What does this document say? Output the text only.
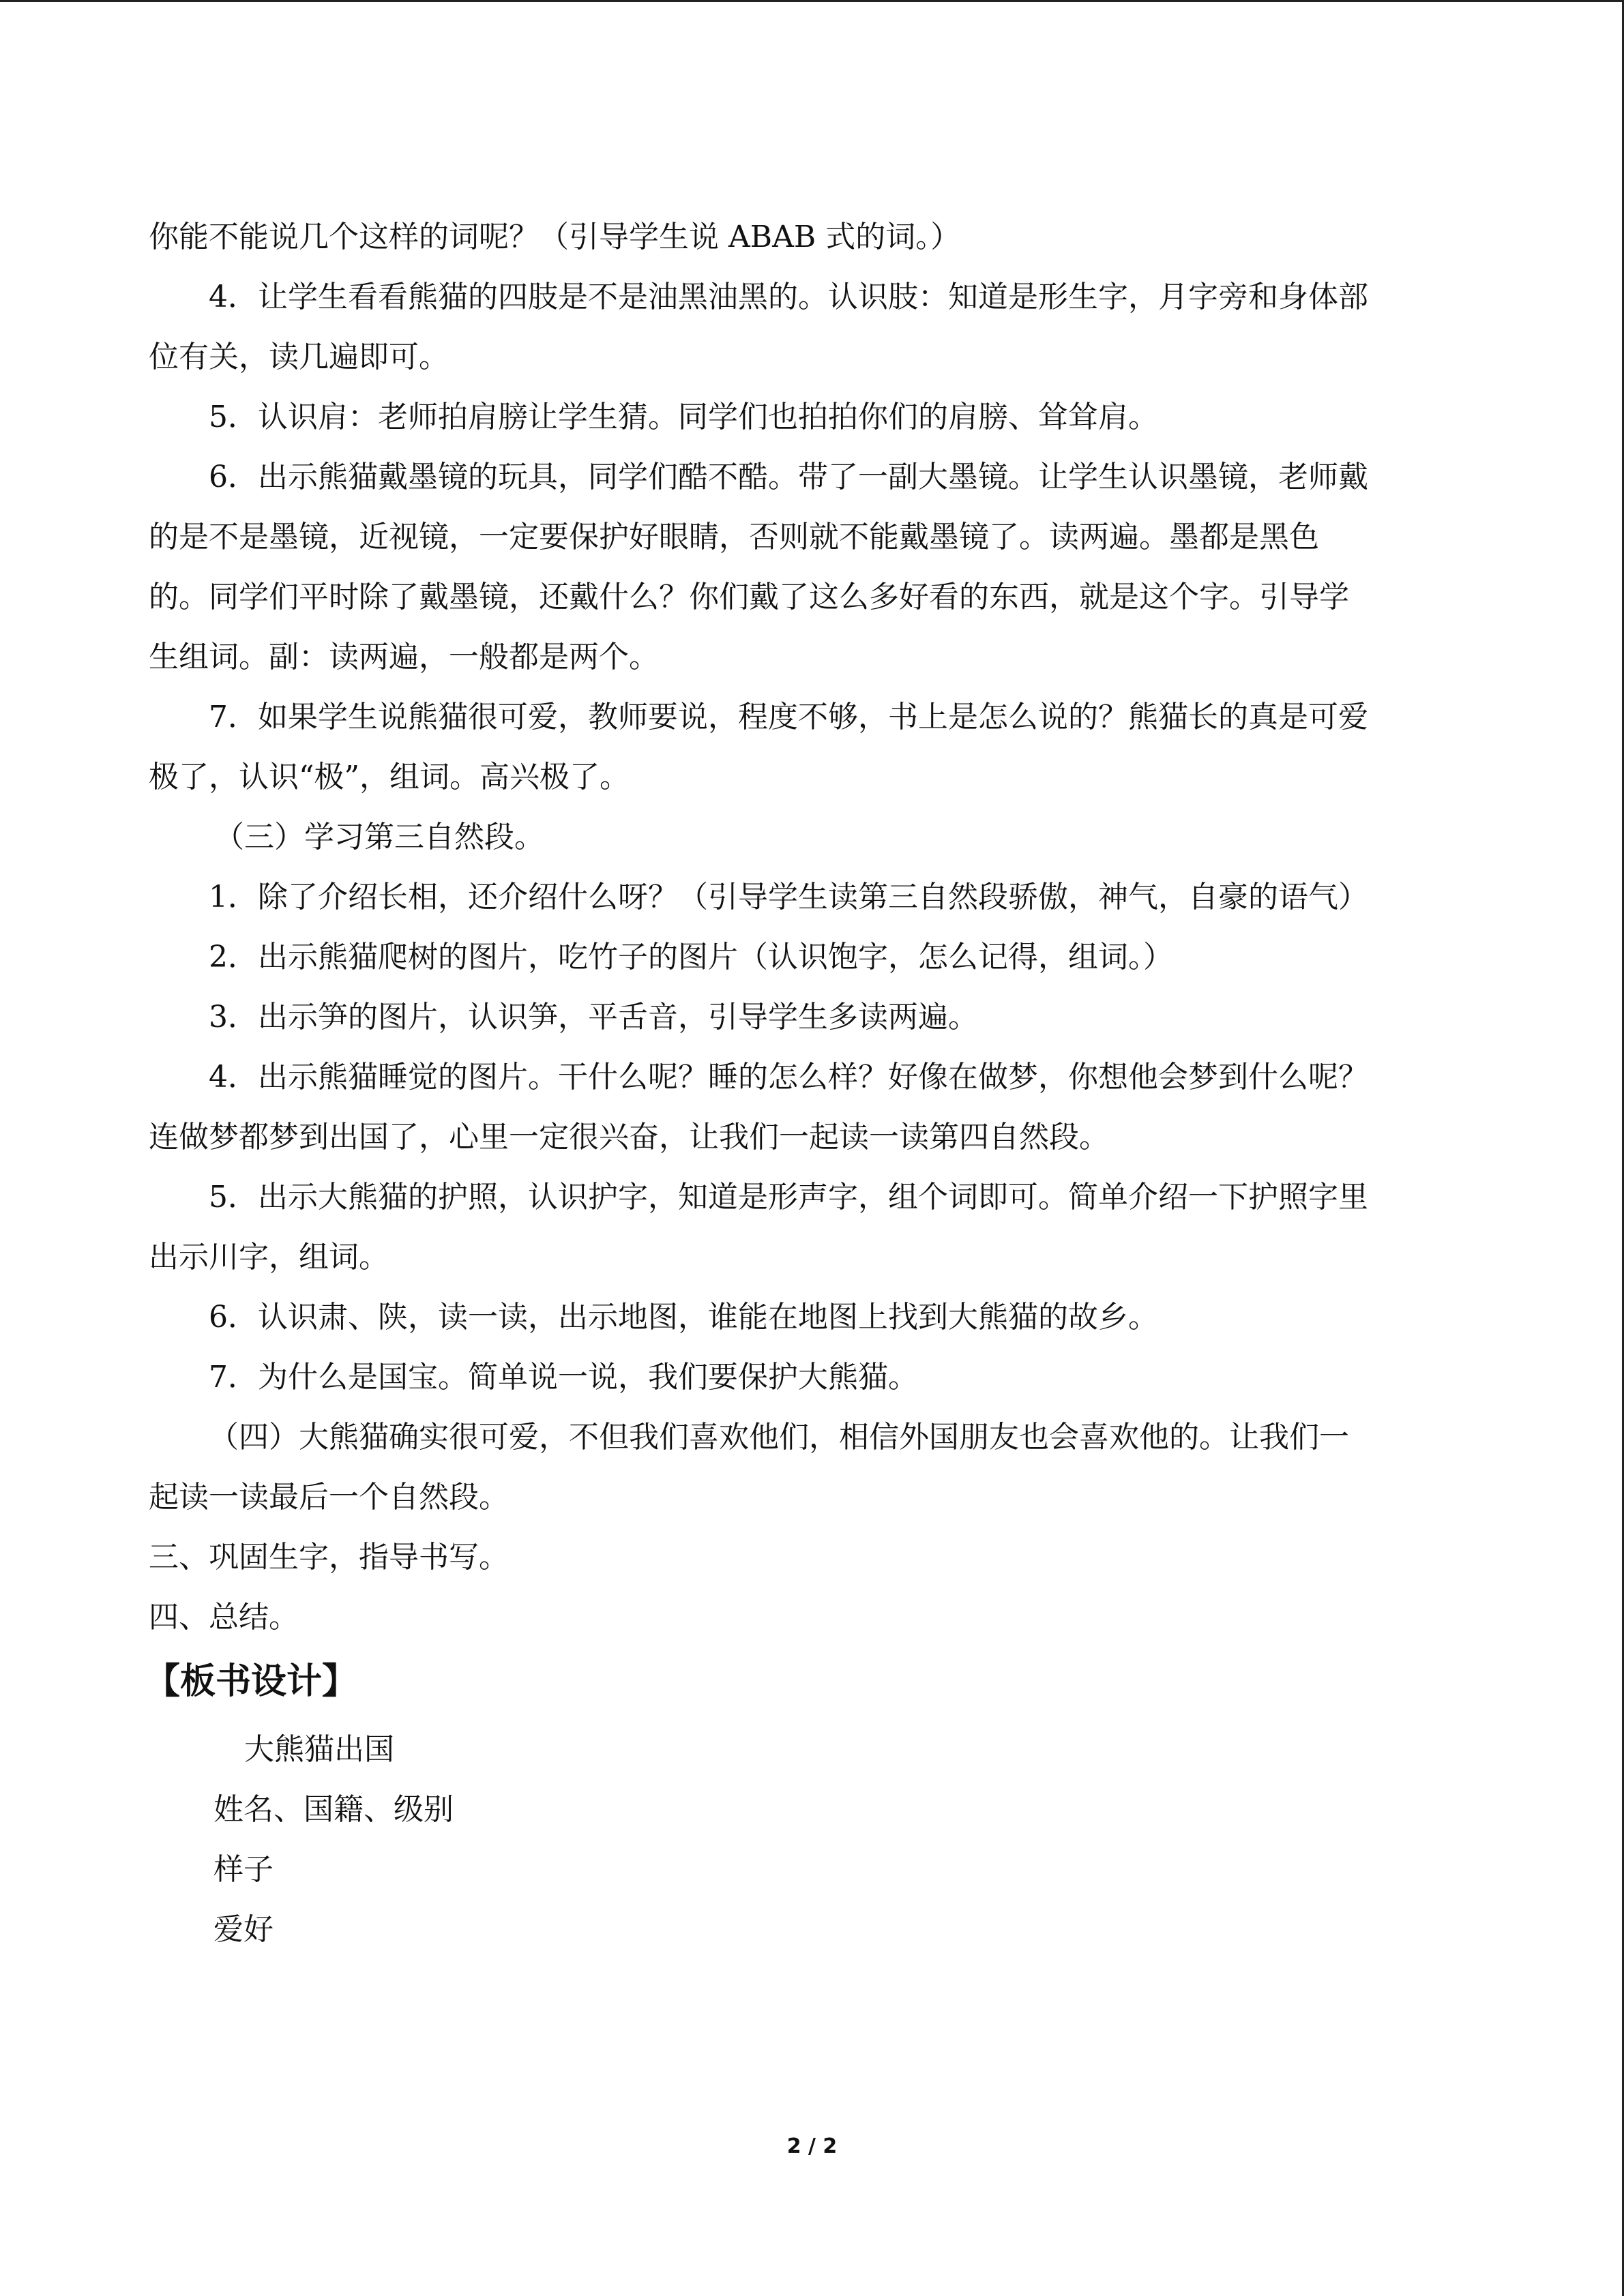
你能不能说几个这样的词呢？（引导学生说 ABAB 式的词。）

4．让学生看看熊猫的四肢是不是油黑油黑的。认识肢：知道是形生字，月字旁和身体部

位有关，读几遍即可。

5．认识肩：老师拍肩膀让学生猜。同学们也拍拍你们的肩膀、耸耸肩。

6．出示熊猫戴墨镜的玩具，同学们酷不酷。带了一副大墨镜。让学生认识墨镜，老师戴

的是不是墨镜，近视镜，一定要保护好眼睛，否则就不能戴墨镜了。读两遍。墨都是黑色

的。同学们平时除了戴墨镜，还戴什么？你们戴了这么多好看的东西，就是这个字。引导学

生组词。副：读两遍，一般都是两个。

7．如果学生说熊猫很可爱，教师要说，程度不够，书上是怎么说的？熊猫长的真是可爱

极了，认识“极”，组词。高兴极了。

（三）学习第三自然段。

1．除了介绍长相，还介绍什么呀？（引导学生读第三自然段骄傲，神气，自豪的语气）

2．出示熊猫爬树的图片，吃竹子的图片（认识饱字，怎么记得，组词。）

3．出示笋的图片，认识笋，平舌音，引导学生多读两遍。

4．出示熊猫睡觉的图片。干什么呢？睡的怎么样？好像在做梦，你想他会梦到什么呢？

连做梦都梦到出国了，心里一定很兴奋，让我们一起读一读第四自然段。

5．出示大熊猫的护照，认识护字，知道是形声字，组个词即可。简单介绍一下护照字里

出示川字，组词。

6．认识肃、陕，读一读，出示地图，谁能在地图上找到大熊猫的故乡。

7．为什么是国宝。简单说一说，我们要保护大熊猫。

（四）大熊猫确实很可爱，不但我们喜欢他们，相信外国朋友也会喜欢他的。让我们一

起读一读最后一个自然段。

三、巩固生字，指导书写。

四、总结。

【板书设计】

大熊猫出国

姓名、国籍、级别

样子

爱好

2 / 2
